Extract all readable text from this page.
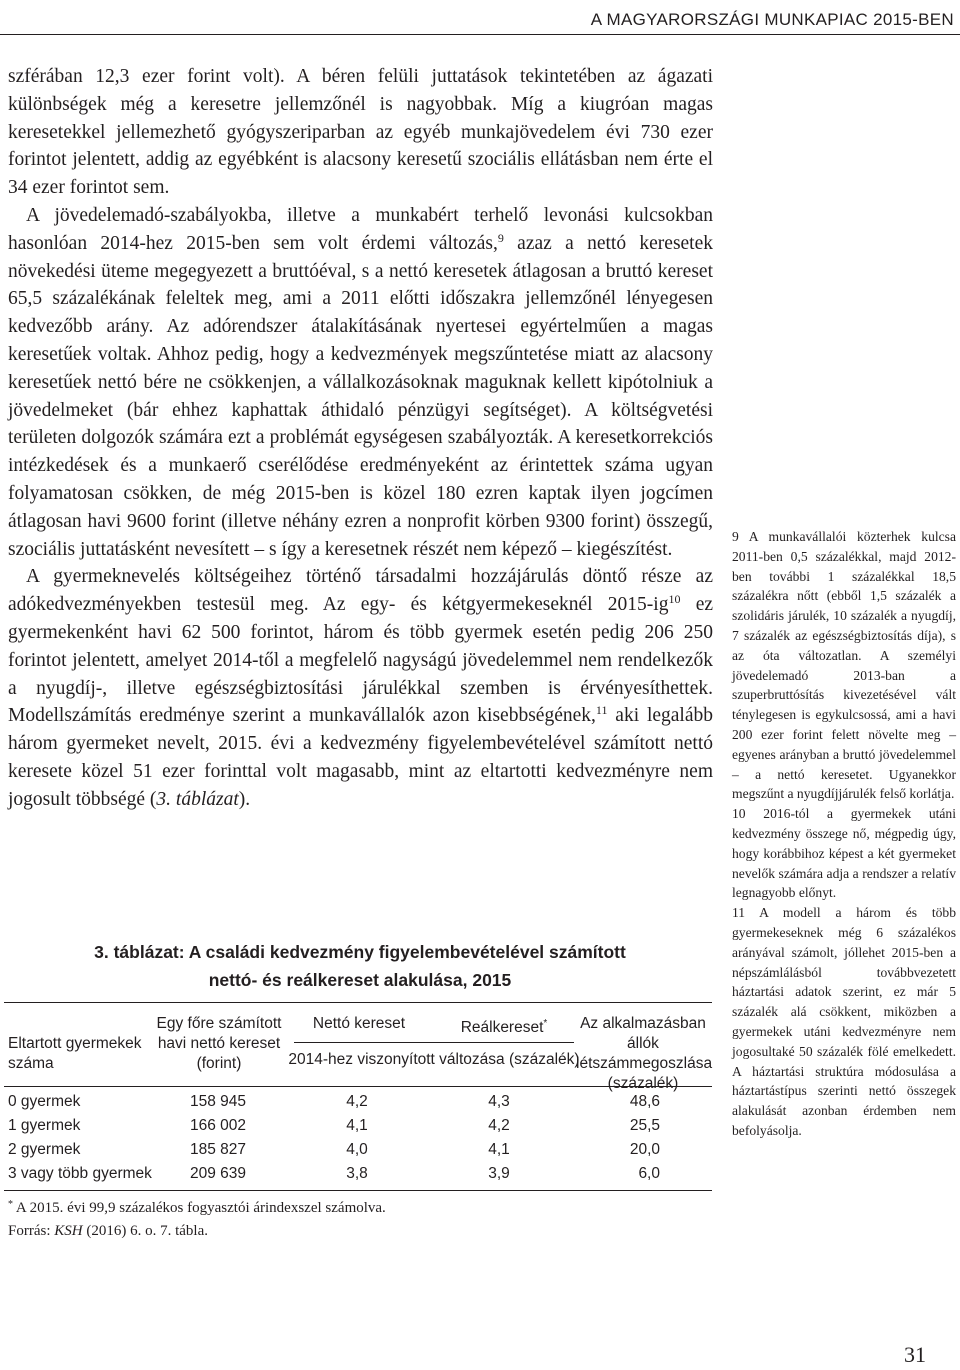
A MAGYARORSZÁGI MUNKAPIAC 2015-BEN

szférában 12,3 ezer forint volt). A béren felüli juttatások tekintetében az ágazati különbségek még a keresetre jellemzőnél is nagyobbak. Míg a kiugróan magas keresetekkel jellemezhető gyógyszeriparban az egyéb munkajövedelem évi 730 ezer forintot jelentett, addig az egyébként is alacsony keresetű szociális ellátásban nem érte el 34 ezer forintot sem.

A jövedelemadó-szabályokba, illetve a munkabért terhelő levonási kulcsokban hasonlóan 2014-hez 2015-ben sem volt érdemi változás,$^9$ azaz a nettó keresetek növekedési üteme megegyezett a bruttóéval, s a nettó keresetek átlagosan a bruttó kereset 65,5 százalékának feleltek meg, ami a 2011 előtti időszakra jellemzőnél lényegesen kedvezőbb arány. Az adórendszer átalakításának nyertesei egyértelműen a magas keresetűek voltak. Ahhoz pedig, hogy a kedvezmények megszűntetése miatt az alacsony keresetűek nettó bére ne csökkenjen, a vállalkozásoknak maguknak kellett kipótolniuk a jövedelmeket (bár ehhez kaphattak áthidaló pénzügyi segítséget). A költségvetési területen dolgozók számára ezt a problémát egységesen szabályozták. A keresetkorrekciós intézkedések és a munkaerő cserélődése eredményeként az érintettek száma ugyan folyamatosan csökken, de még 2015-ben is közel 180 ezren kaptak ilyen jogcímen átlagosan havi 9600 forint (illetve néhány ezren a nonprofit körben 9300 forint) összegű, szociális juttatásként nevesített – s így a keresetnek részét nem képező – kiegészítést.

A gyermeknevelés költségeihez történő társadalmi hozzájárulás döntő része az adókedvezményekben testesül meg. Az egy- és kétgyermekeseknél $2015-ig^{10}$ ez gyermekenként havi 62 500 forintot, három és több gyermek esetén pedig 206 250 forintot jelentett, amelyet 2014-től a megfelelő nagyságú jövedelemmel nem rendelkezők a nyugdíj-, illetve egészségbiztosítási járulékkal szemben is érvényesíthettek. Modellszámítás eredménye szerint a munkavállalók azon kisebbségének,$^{11}$ aki legalább három gyermeket nevelt, 2015. évi a kedvezmény figyelembevételével számított nettó keresete közel 51 ezer forinttal volt magasabb, mint az eltartotti kedvezményre nem jogosult többségé (3. táblázat).

3. táblázat: A családi kedvezmény figyelembevételével számított
nettó- és reálkereset alakulása, 2015
Eltartott gyermekek száma
Egy főre számított havi nettó kereset (forint)
Nettó kereset	Reálkereset*
2014-hez viszonyított változása (százalék)
Az alkalmazásban állók létszámmegoszlása (százalék)
0 gyermek	158 945	4,2	4,3	48,6
1 gyermek	166 002	4,1	4,2	25,5
2 gyermek	185 827	4,0	4,1	20,0
3 vagy több gyermek 209 639	3,8	3,9	6,0
* A 2015. évi 99,9 százalékos fogyasztói árindexszel számolva.
Forrás: KSH (2016) 6. o. 7. tábla.

9 A munkavállalói közterhek kulcsa 2011-ben 0,5 százalékkal, majd 2012-ben további 1 százalékkal 18,5 százalékra nőtt (ebből 1,5 százalék a szolidáris járulék, 10 százalék a nyugdíj, 7 százalék az egészségbiztosítás díja), s az óta változatlan. A személyi jövedelemadó 2013-ban a szuperbruttósítás kivezetésével vált ténylegesen is egykulcsossá, ami a havi 200 ezer forint felett növelte meg – egyenes arányban a bruttó jövedelemmel – a nettó keresetet. Ugyanekkor megszűnt a nyugdíjjárulék felső korlátja.

10 2016-tól a gyermekek utáni kedvezmény összege nő, mégpedig úgy, hogy korábbihoz képest a két gyermeket nevelők számára adja a rendszer a relatív legnagyobb előnyt.

11 A modell a három és több gyermekeseknek még 6 százalékos arányával számolt, jóllehet 2015-ben a népszámlálásból továbbvezetett háztartási adatok szerint, ez már 5 százalék alá csökkent, miközben a gyermekek utáni kedvezményre nem jogosultaké 50 százalék fölé emelkedett. A háztartási struktúra módosulása a háztartástípus szerinti nettó összegek alakulását azonban érdemben nem befolyásolja.

31
